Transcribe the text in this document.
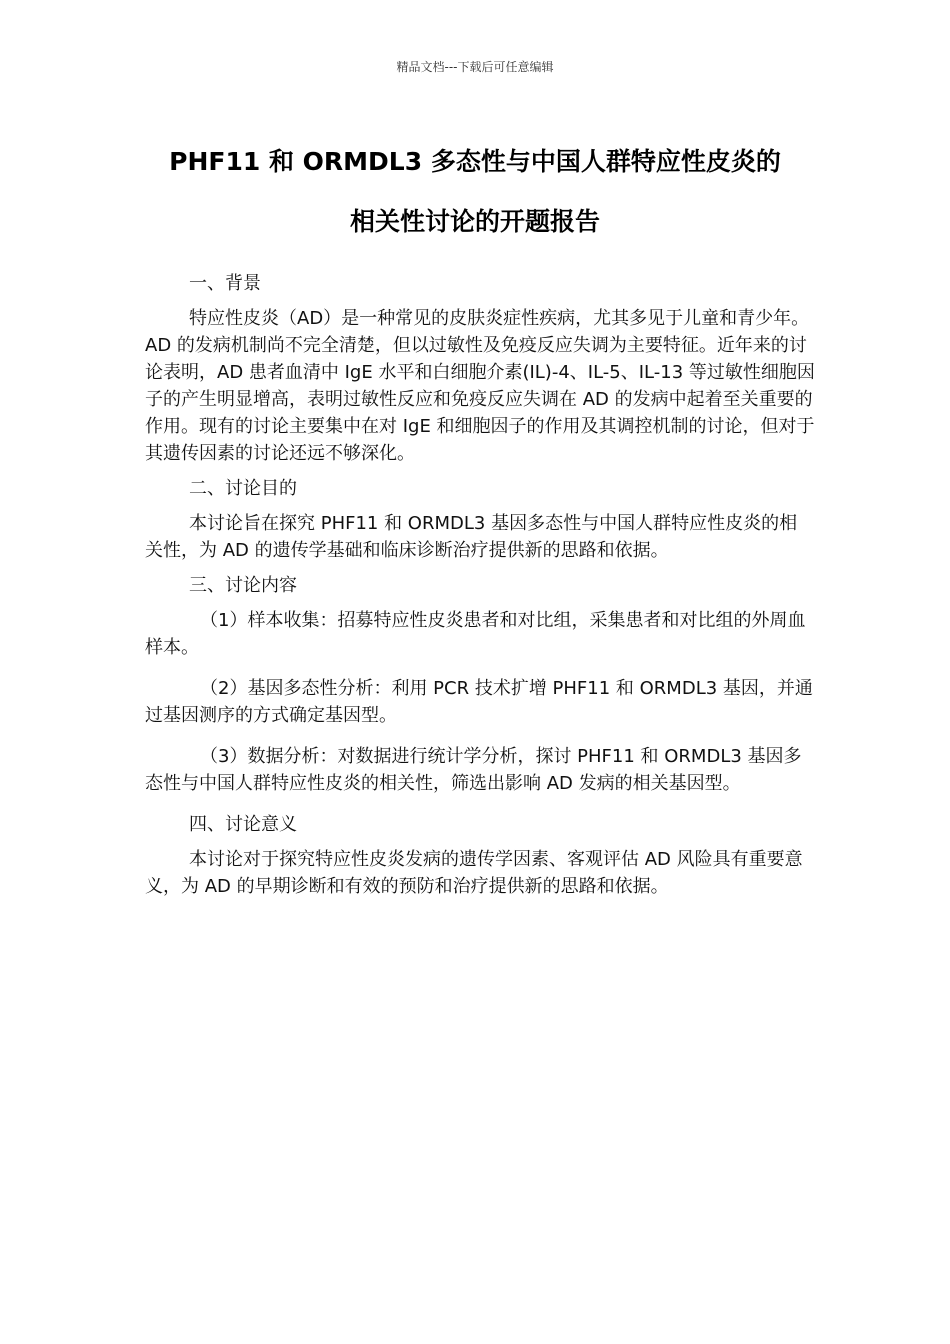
精品文档---下载后可任意编辑
PHF11 和 ORMDL3 多态性与中国人群特应性皮炎的
相关性讨论的开题报告
一、背景
特应性皮炎（AD）是一种常见的皮肤炎症性疾病，尤其多见于儿童和青少年。AD 的发病机制尚不完全清楚，但以过敏性及免疫反应失调为主要特征。近年来的讨论表明，AD 患者血清中 IgE 水平和白细胞介素(IL)-4、IL-5、IL-13 等过敏性细胞因子的产生明显增高，表明过敏性反应和免疫反应失调在 AD 的发病中起着至关重要的作用。现有的讨论主要集中在对 IgE 和细胞因子的作用及其调控机制的讨论，但对于其遗传因素的讨论还远不够深化。
二、讨论目的
本讨论旨在探究 PHF11 和 ORMDL3 基因多态性与中国人群特应性皮炎的相关性，为 AD 的遗传学基础和临床诊断治疗提供新的思路和依据。
三、讨论内容
（1）样本收集：招募特应性皮炎患者和对比组，采集患者和对比组的外周血样本。
（2）基因多态性分析：利用 PCR 技术扩增 PHF11 和 ORMDL3 基因，并通过基因测序的方式确定基因型。
（3）数据分析：对数据进行统计学分析，探讨 PHF11 和 ORMDL3 基因多态性与中国人群特应性皮炎的相关性，筛选出影响 AD 发病的相关基因型。
四、讨论意义
本讨论对于探究特应性皮炎发病的遗传学因素、客观评估 AD 风险具有重要意义，为 AD 的早期诊断和有效的预防和治疗提供新的思路和依据。
